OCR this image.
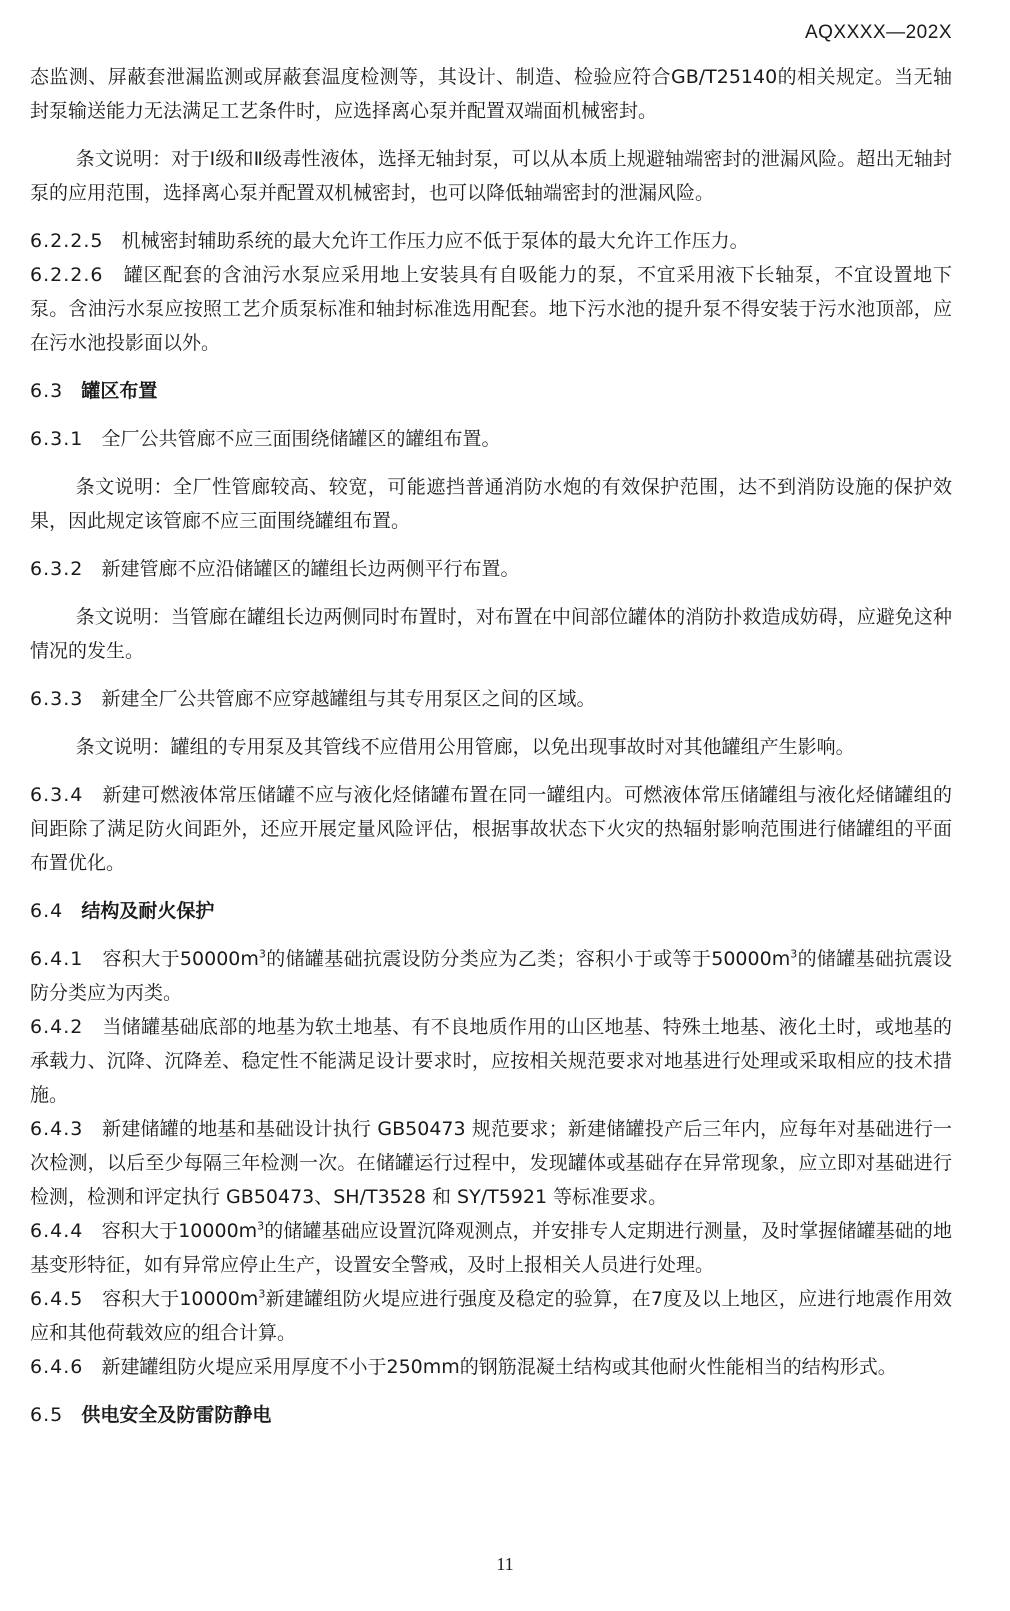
AQXXXX—202X

态监测、屏蔽套泄漏监测或屏蔽套温度检测等，其设计、制造、检验应符合GB/T25140的相关规定。当无轴封泵输送能力无法满足工艺条件时，应选择离心泵并配置双端面机械密封。

条文说明：对于Ⅰ级和Ⅱ级毒性液体，选择无轴封泵，可以从本质上规避轴端密封的泄漏风险。超出无轴封泵的应用范围，选择离心泵并配置双机械密封，也可以降低轴端密封的泄漏风险。

6.2.2.5 机械密封辅助系统的最大允许工作压力应不低于泵体的最大允许工作压力。

6.2.2.6 罐区配套的含油污水泵应采用地上安装具有自吸能力的泵，不宜采用液下长轴泵，不宜设置地下泵。含油污水泵应按照工艺介质泵标准和轴封标准选用配套。地下污水池的提升泵不得安装于污水池顶部，应在污水池投影面以外。

6.3 罐区布置

6.3.1 全厂公共管廊不应三面围绕储罐区的罐组布置。

条文说明：全厂性管廊较高、较宽，可能遮挡普通消防水炮的有效保护范围，达不到消防设施的保护效果，因此规定该管廊不应三面围绕罐组布置。

6.3.2 新建管廊不应沿储罐区的罐组长边两侧平行布置。

条文说明：当管廊在罐组长边两侧同时布置时，对布置在中间部位罐体的消防扑救造成妨碍，应避免这种情况的发生。

6.3.3 新建全厂公共管廊不应穿越罐组与其专用泵区之间的区域。

条文说明：罐组的专用泵及其管线不应借用公用管廊，以免出现事故时对其他罐组产生影响。

6.3.4 新建可燃液体常压储罐不应与液化烃储罐布置在同一罐组内。可燃液体常压储罐组与液化烃储罐组的间距除了满足防火间距外，还应开展定量风险评估，根据事故状态下火灾的热辐射影响范围进行储罐组的平面布置优化。

6.4 结构及耐火保护

6.4.1 容积大于$50000m^3$的储罐基础抗震设防分类应为乙类；容积小于或等于$50000m^3$的储罐基础抗震设防分类应为丙类。

6.4.2 当储罐基础底部的地基为软土地基、有不良地质作用的山区地基、特殊土地基、液化土时，或地基的承载力、沉降、沉降差、稳定性不能满足设计要求时，应按相关规范要求对地基进行处理或采取相应的技术措施。

6.4.3 新建储罐的地基和基础设计执行 GB50473 规范要求；新建储罐投产后三年内，应每年对基础进行一次检测，以后至少每隔三年检测一次。在储罐运行过程中，发现罐体或基础存在异常现象，应立即对基础进行检测，检测和评定执行 GB50473、SH/T3528 和 SY/T5921 等标准要求。

6.4.4 容积大于$10000m^3$的储罐基础应设置沉降观测点，并安排专人定期进行测量，及时掌握储罐基础的地基变形特征，如有异常应停止生产，设置安全警戒，及时上报相关人员进行处理。

6.4.5 容积大于$10000m^3$新建罐组防火堤应进行强度及稳定的验算，在7度及以上地区，应进行地震作用效应和其他荷载效应的组合计算。

6.4.6 新建罐组防火堤应采用厚度不小于250mm的钢筋混凝土结构或其他耐火性能相当的结构形式。

6.5 供电安全及防雷防静电

11
